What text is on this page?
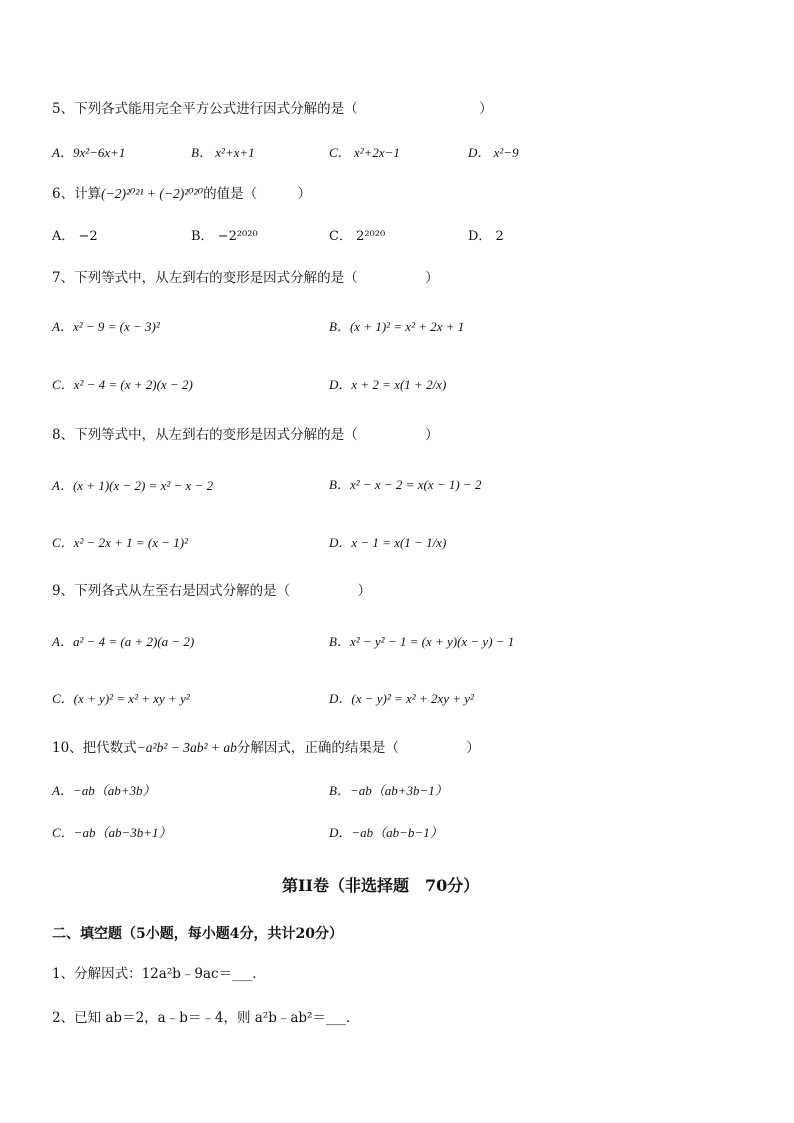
5、下列各式能用完全平方公式进行因式分解的是（　　　　　　　　　）
A．9x²−6x+1	B． x²+x+1	C． x²+2x−1	D． x²−9
6、计算(−2)²⁰²¹ + (−2)²⁰²⁰的值是（　　　）
A． −2	B． −2²⁰²⁰	C． 2²⁰²⁰	D． 2
7、下列等式中，从左到右的变形是因式分解的是（　　　　　）
A．x² − 9 = (x − 3)²	B．(x + 1)² = x² + 2x + 1
C．x² − 4 = (x + 2)(x − 2)	D．x + 2 = x(1 + 2/x)
8、下列等式中，从左到右的变形是因式分解的是（　　　　　）
A．(x + 1)(x − 2) = x² − x − 2	B．x² − x − 2 = x(x − 1) − 2
C．x² − 2x + 1 = (x − 1)²	D．x − 1 = x(1 − 1/x)
9、下列各式从左至右是因式分解的是（　　　　　）
A．a² − 4 = (a + 2)(a − 2)	B．x² − y² − 1 = (x + y)(x − y) − 1
C．(x + y)² = x² + xy + y²	D．(x − y)² = x² + 2xy + y²
10、把代数式−a²b² − 3ab² + ab分解因式，正确的结果是（　　　　　）
A．−ab（ab+3b）	B．−ab（ab+3b−1）
C．−ab（ab−3b+1）	D．−ab（ab−b−1）
第II卷（非选择题　70分）
二、填空题（5小题，每小题4分，共计20分）
1、分解因式：12a²b﹣9ac＝___．
2、已知 ab＝2，a﹣b＝﹣4，则 a²b﹣ab²＝___．
